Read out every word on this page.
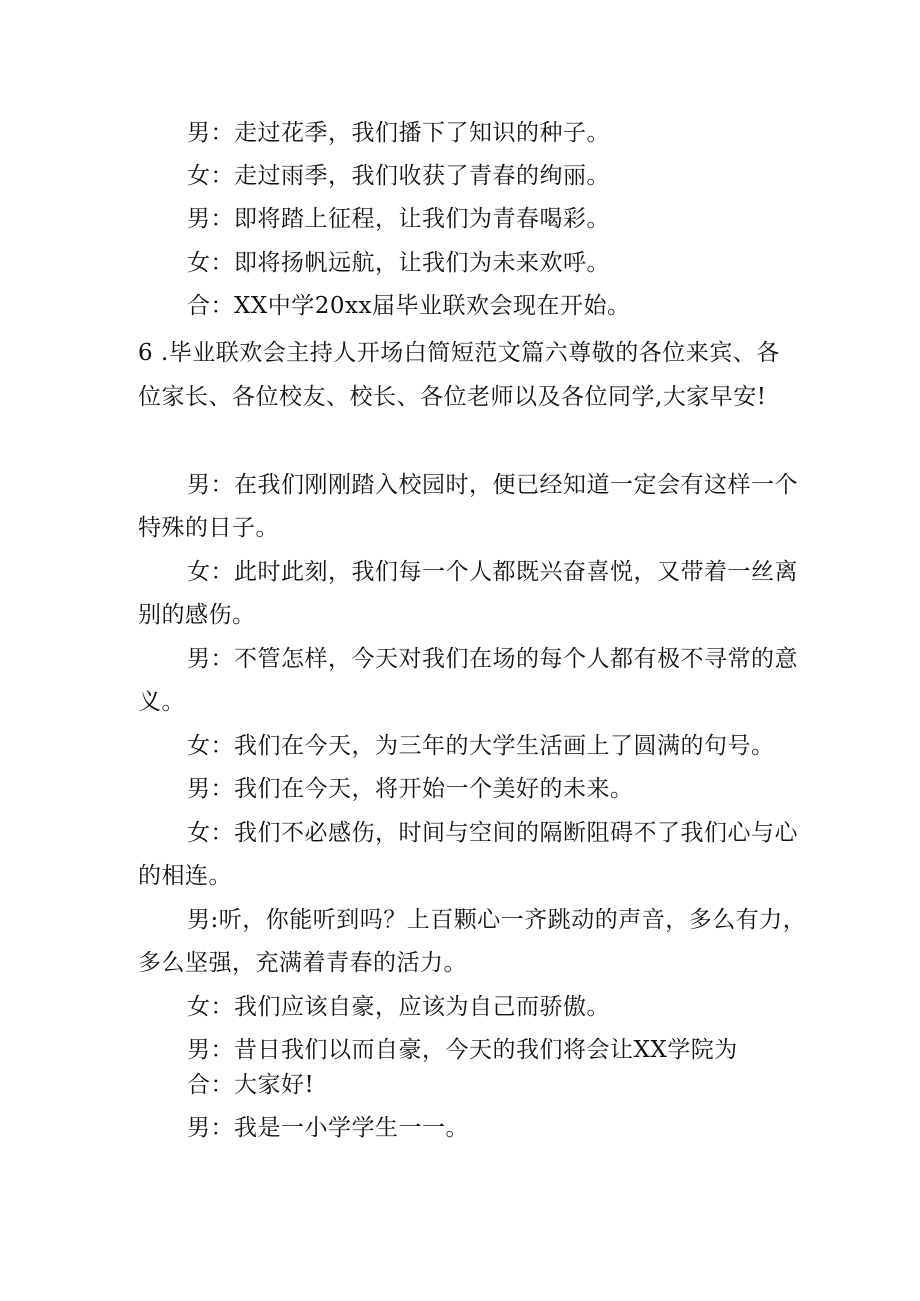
男：走过花季，我们播下了知识的种子。
女：走过雨季，我们收获了青春的绚丽。
男：即将踏上征程，让我们为青春喝彩。
女：即将扬帆远航，让我们为未来欢呼。
合：XX中学20xx届毕业联欢会现在开始。
6 .毕业联欢会主持人开场白简短范文篇六尊敬的各位来宾、各
位家长、各位校友、校长、各位老师以及各位同学,大家早安!
男：在我们刚刚踏入校园时，便已经知道一定会有这样一个
特殊的日子。
女：此时此刻，我们每一个人都既兴奋喜悦，又带着一丝离
别的感伤。
男：不管怎样，今天对我们在场的每个人都有极不寻常的意
义。
女：我们在今天，为三年的大学生活画上了圆满的句号。
男：我们在今天，将开始一个美好的未来。
女：我们不必感伤，时间与空间的隔断阻碍不了我们心与心
的相连。
男:听，你能听到吗？上百颗心一齐跳动的声音，多么有力，
多么坚强，充满着青春的活力。
女：我们应该自豪，应该为自己而骄傲。
男：昔日我们以而自豪，今天的我们将会让XX学院为
合：大家好!
男：我是一小学学生一一。
